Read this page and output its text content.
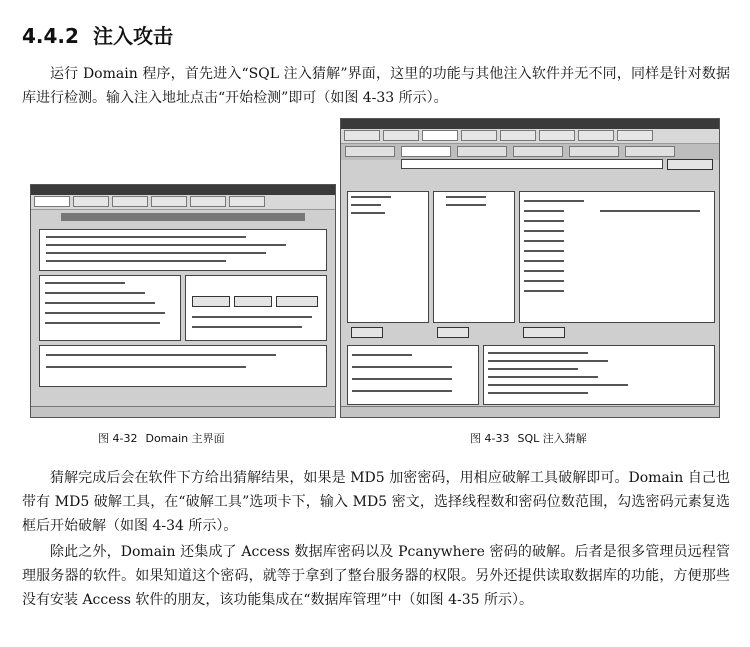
4.4.2 注入攻击

运行 Domain 程序，首先进入“SQL 注入猜解”界面，这里的功能与其他注入软件并无不同，同样是针对数据库进行检测。输入注入地址点击“开始检测”即可（如图 4-33 所示）。

图 4-32 Domain 主界面	图 4-33 SQL 注入猜解

猜解完成后会在软件下方给出猜解结果，如果是 MD5 加密密码，用相应破解工具破解即可。Domain 自己也带有 MD5 破解工具，在“破解工具”选项卡下，输入 MD5 密文，选择线程数和密码位数范围，勾选密码元素复选框后开始破解（如图 4-34 所示）。

除此之外，Domain 还集成了 Access 数据库密码以及 Pcanywhere 密码的破解。后者是很多管理员远程管理服务器的软件。如果知道这个密码，就等于拿到了整台服务器的权限。另外还提供读取数据库的功能，方便那些没有安装 Access 软件的朋友，该功能集成在“数据库管理”中（如图 4-35 所示）。
